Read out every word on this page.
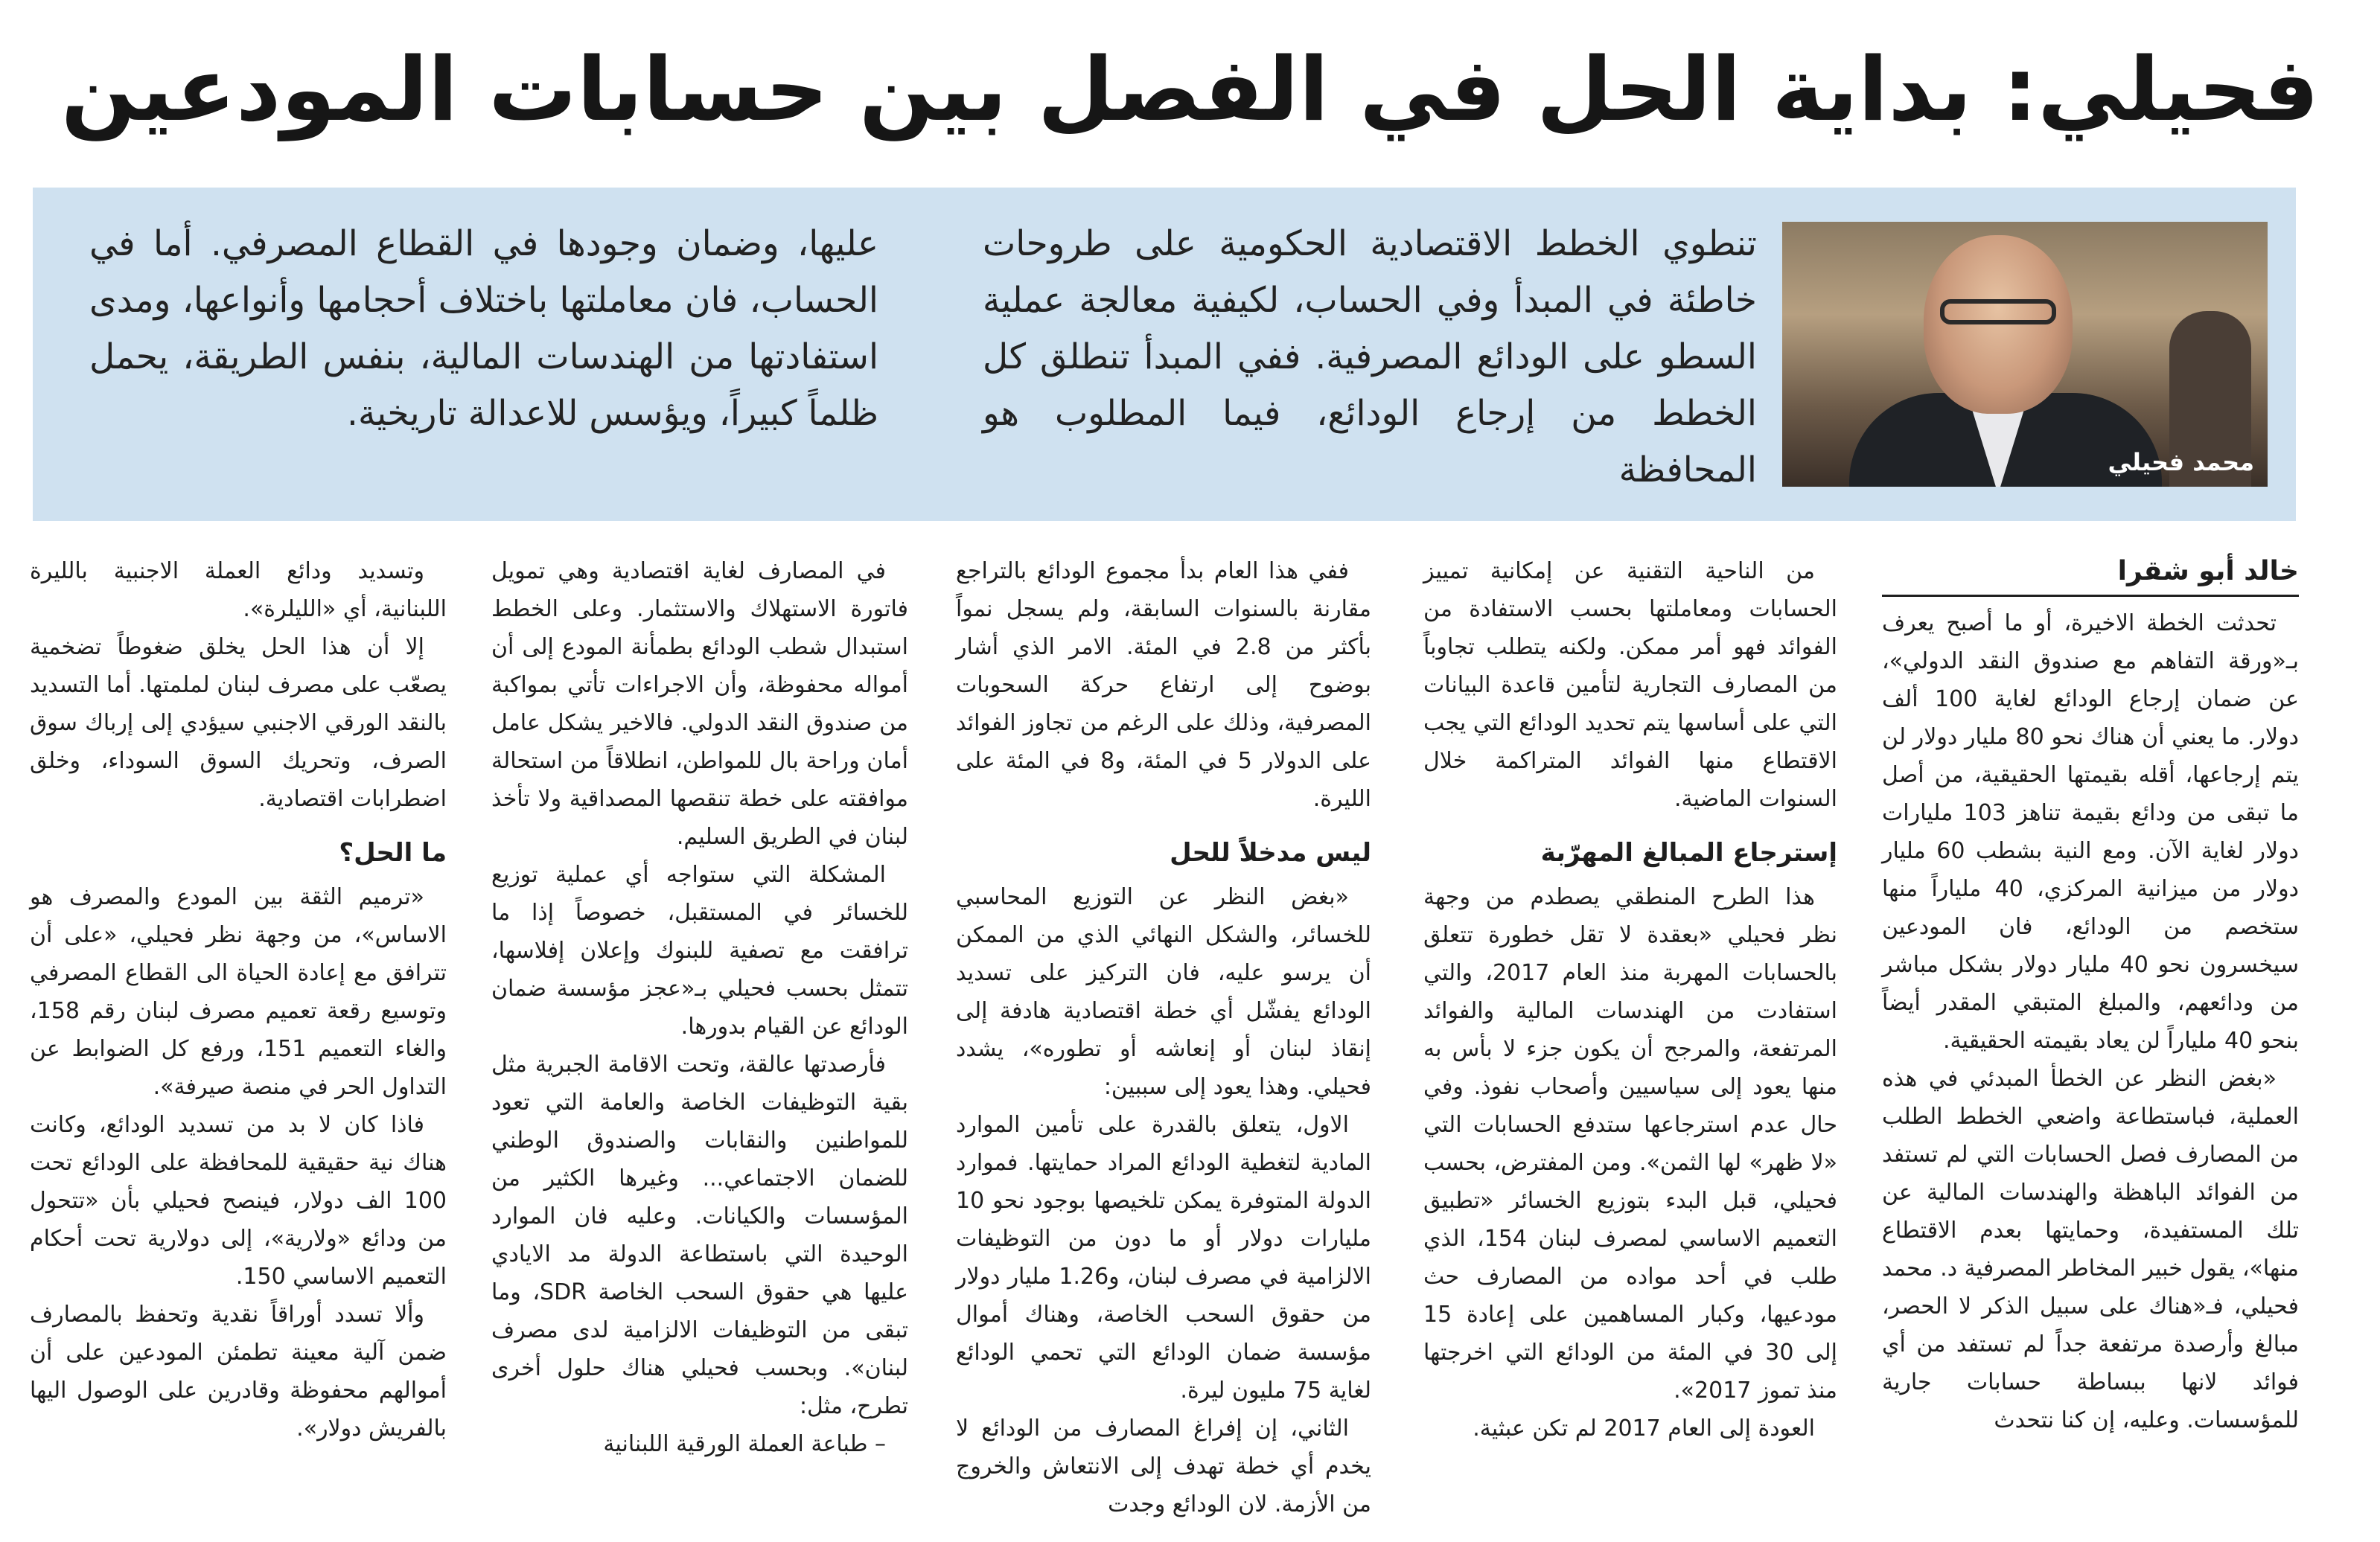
فحيلي: بداية الحل في الفصل بين حسابات المودعين
محمد فحيلي
تنطوي الخطط الاقتصادية الحكومية على طروحات خاطئة في المبدأ وفي الحساب، لكيفية معالجة عملية السطو على الودائع المصرفية. ففي المبدأ تنطلق كل الخطط من إرجاع الودائع، فيما المطلوب هو المحافظة
عليها، وضمان وجودها في القطاع المصرفي. أما في الحساب، فان معاملتها باختلاف أحجامها وأنواعها، ومدى استفادتها من الهندسات المالية، بنفس الطريقة، يحمل ظلماً كبيراً، ويؤسس للاعدالة تاريخية.
خالد أبو شقرا

تحدثت الخطة الاخيرة، أو ما أصبح يعرف بـ«ورقة التفاهم مع صندوق النقد الدولي»، عن ضمان إرجاع الودائع لغاية 100 ألف دولار. ما يعني أن هناك نحو 80 مليار دولار لن يتم إرجاعها، أقله بقيمتها الحقيقية، من أصل ما تبقى من ودائع بقيمة تناهز 103 مليارات دولار لغاية الآن. ومع النية بشطب 60 مليار دولار من ميزانية المركزي، 40 ملياراً منها ستخصم من الودائع، فان المودعين سيخسرون نحو 40 مليار دولار بشكل مباشر من ودائعهم، والمبلغ المتبقي المقدر أيضاً بنحو 40 ملياراً لن يعاد بقيمته الحقيقية.

«بغض النظر عن الخطأ المبدئي في هذه العملية، فباستطاعة واضعي الخطط الطلب من المصارف فصل الحسابات التي لم تستفد من الفوائد الباهظة والهندسات المالية عن تلك المستفيدة، وحمايتها بعدم الاقتطاع منها»، يقول خبير المخاطر المصرفية د. محمد فحيلي، فـ«هناك على سبيل الذكر لا الحصر، مبالغ وأرصدة مرتفعة جداً لم تستفد من أي فوائد لانها ببساطة حسابات جارية للمؤسسات. وعليه، إن كنا نتحدث

من الناحية التقنية عن إمكانية تمييز الحسابات ومعاملتها بحسب الاستفادة من الفوائد فهو أمر ممكن. ولكنه يتطلب تجاوباً من المصارف التجارية لتأمين قاعدة البيانات التي على أساسها يتم تحديد الودائع التي يجب الاقتطاع منها الفوائد المتراكمة خلال السنوات الماضية.

إسترجاع المبالغ المهرّبة

هذا الطرح المنطقي يصطدم من وجهة نظر فحيلي «بعقدة لا تقل خطورة تتعلق بالحسابات المهربة منذ العام 2017، والتي استفادت من الهندسات المالية والفوائد المرتفعة، والمرجح أن يكون جزء لا بأس به منها يعود إلى سياسيين وأصحاب نفوذ. وفي حال عدم استرجاعها ستدفع الحسابات التي «لا ظهر» لها الثمن». ومن المفترض، بحسب فحيلي، قبل البدء بتوزيع الخسائر «تطبيق التعميم الاساسي لمصرف لبنان 154، الذي طلب في أحد مواده من المصارف حث مودعيها، وكبار المساهمين على إعادة 15 إلى 30 في المئة من الودائع التي اخرجتها منذ تموز 2017».

العودة إلى العام 2017 لم تكن عبثية.

ففي هذا العام بدأ مجموع الودائع بالتراجع مقارنة بالسنوات السابقة، ولم يسجل نمواً بأكثر من 2.8 في المئة. الامر الذي أشار بوضوح إلى ارتفاع حركة السحوبات المصرفية، وذلك على الرغم من تجاوز الفوائد على الدولار 5 في المئة، و8 في المئة على الليرة.

ليس مدخلاً للحل

«بغض النظر عن التوزيع المحاسبي للخسائر، والشكل النهائي الذي من الممكن أن يرسو عليه، فان التركيز على تسديد الودائع يفشّل أي خطة اقتصادية هادفة إلى إنقاذ لبنان أو إنعاشه أو تطوره»، يشدد فحيلي. وهذا يعود إلى سببين:

الاول، يتعلق بالقدرة على تأمين الموارد المادية لتغطية الودائع المراد حمايتها. فموارد الدولة المتوفرة يمكن تلخيصها بوجود نحو 10 مليارات دولار أو ما دون من التوظيفات الالزامية في مصرف لبنان، و1.26 مليار دولار من حقوق السحب الخاصة، وهناك أموال مؤسسة ضمان الودائع التي تحمي الودائع لغاية 75 مليون ليرة.

الثاني، إن إفراغ المصارف من الودائع لا يخدم أي خطة تهدف إلى الانتعاش والخروج من الأزمة. لان الودائع وجدت

في المصارف لغاية اقتصادية وهي تمويل فاتورة الاستهلاك والاستثمار. وعلى الخطط استبدال شطب الودائع بطمأنة المودع إلى أن أمواله محفوظة، وأن الاجراءات تأتي بمواكبة من صندوق النقد الدولي. فالاخير يشكل عامل أمان وراحة بال للمواطن، انطلاقاً من استحالة موافقته على خطة تنقصها المصداقية ولا تأخذ لبنان في الطريق السليم.

المشكلة التي ستواجه أي عملية توزيع للخسائر في المستقبل، خصوصاً إذا ما ترافقت مع تصفية للبنوك وإعلان إفلاسها، تتمثل بحسب فحيلي بـ«عجز مؤسسة ضمان الودائع عن القيام بدورها.

فأرصدتها عالقة، وتحت الاقامة الجبرية مثل بقية التوظيفات الخاصة والعامة التي تعود للمواطنين والنقابات والصندوق الوطني للضمان الاجتماعي... وغيرها الكثير من المؤسسات والكيانات. وعليه فان الموارد الوحيدة التي باستطاعة الدولة مد الايادي عليها هي حقوق السحب الخاصة SDR، وما تبقى من التوظيفات الالزامية لدى مصرف لبنان». وبحسب فحيلي هناك حلول أخرى تطرح، مثل:

– طباعة العملة الورقية اللبنانية

وتسديد ودائع العملة الاجنبية بالليرة اللبنانية، أي «الليلرة».

إلا أن هذا الحل يخلق ضغوطاً تضخمية يصعّب على مصرف لبنان لملمتها. أما التسديد بالنقد الورقي الاجنبي سيؤدي إلى إرباك سوق الصرف، وتحريك السوق السوداء، وخلق اضطرابات اقتصادية.

ما الحل؟

«ترميم الثقة بين المودع والمصرف هو الاساس»، من وجهة نظر فحيلي، «على أن تترافق مع إعادة الحياة الى القطاع المصرفي وتوسيع رقعة تعميم مصرف لبنان رقم 158، والغاء التعميم 151، ورفع كل الضوابط عن التداول الحر في منصة صيرفة».

فاذا كان لا بد من تسديد الودائع، وكانت هناك نية حقيقية للمحافظة على الودائع تحت 100 الف دولار، فينصح فحيلي بأن «تتحول من ودائع «ولارية»، إلى دولارية تحت أحكام التعميم الاساسي 150.

وألا تسدد أوراقاً نقدية وتحفظ بالمصارف ضمن آلية معينة تطمئن المودعين على أن أموالهم محفوظة وقادرين على الوصول اليها بالفريش دولار».
